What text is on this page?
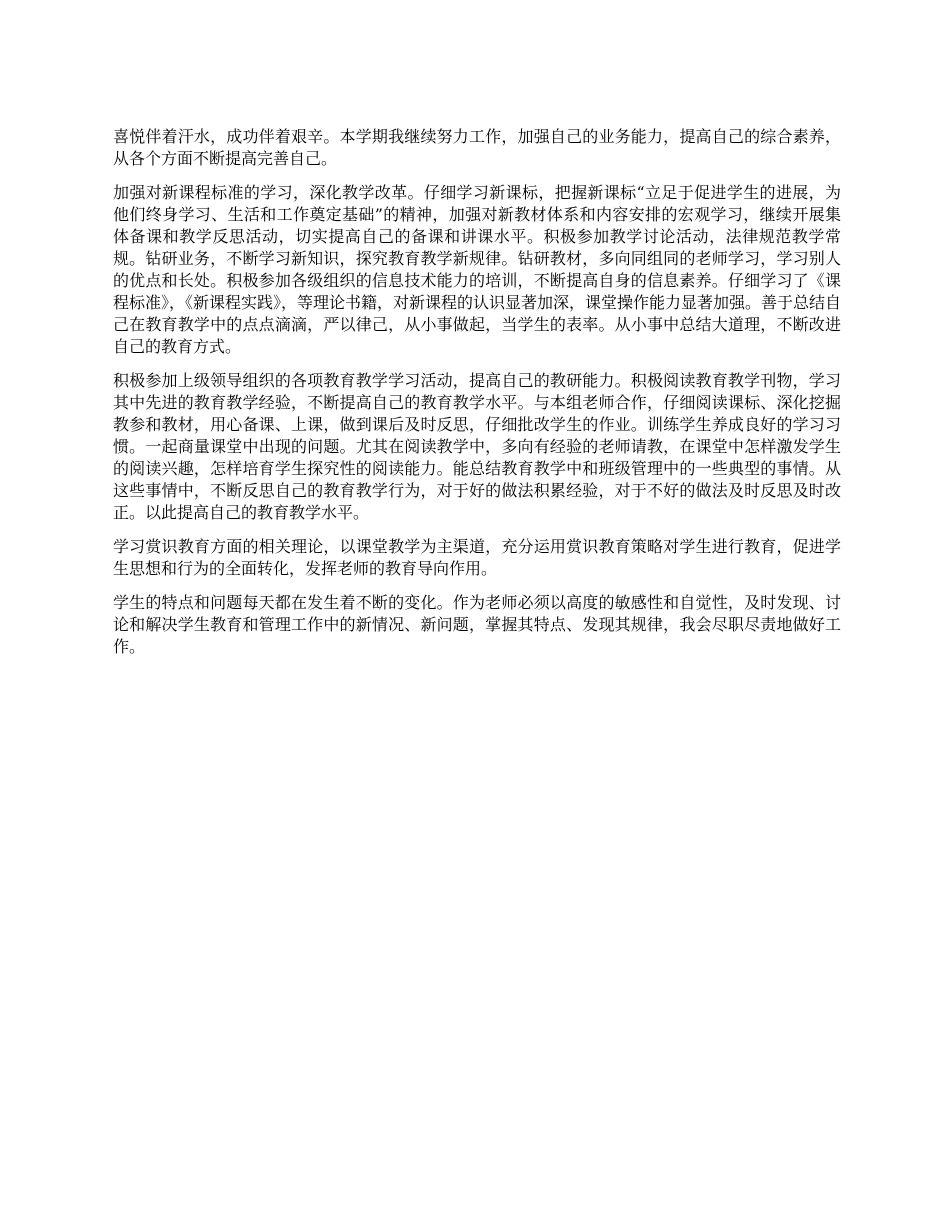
喜悦伴着汗水，成功伴着艰辛。本学期我继续努力工作，加强自己的业务能力，提高自己的综合素养，从各个方面不断提高完善自己。

加强对新课程标准的学习，深化教学改革。仔细学习新课标，把握新课标“立足于促进学生的进展，为他们终身学习、生活和工作奠定基础”的精神，加强对新教材体系和内容安排的宏观学习，继续开展集体备课和教学反思活动，切实提高自己的备课和讲课水平。积极参加教学讨论活动，法律规范教学常规。钻研业务，不断学习新知识，探究教育教学新规律。钻研教材，多向同组同的老师学习，学习别人的优点和长处。积极参加各级组织的信息技术能力的培训，不断提高自身的信息素养。仔细学习了《课程标准》，《新课程实践》，等理论书籍，对新课程的认识显著加深，课堂操作能力显著加强。善于总结自己在教育教学中的点点滴滴，严以律己，从小事做起，当学生的表率。从小事中总结大道理，不断改进自己的教育方式。

积极参加上级领导组织的各项教育教学学习活动，提高自己的教研能力。积极阅读教育教学刊物，学习其中先进的教育教学经验，不断提高自己的教育教学水平。与本组老师合作，仔细阅读课标、深化挖掘教参和教材，用心备课、上课，做到课后及时反思，仔细批改学生的作业。训练学生养成良好的学习习惯。一起商量课堂中出现的问题。尤其在阅读教学中，多向有经验的老师请教，在课堂中怎样激发学生的阅读兴趣，怎样培育学生探究性的阅读能力。能总结教育教学中和班级管理中的一些典型的事情。从这些事情中，不断反思自己的教育教学行为，对于好的做法积累经验，对于不好的做法及时反思及时改正。以此提高自己的教育教学水平。

学习赏识教育方面的相关理论，以课堂教学为主渠道，充分运用赏识教育策略对学生进行教育，促进学生思想和行为的全面转化，发挥老师的教育导向作用。

学生的特点和问题每天都在发生着不断的变化。作为老师必须以高度的敏感性和自觉性，及时发现、讨论和解决学生教育和管理工作中的新情况、新问题，掌握其特点、发现其规律，我会尽职尽责地做好工作。
